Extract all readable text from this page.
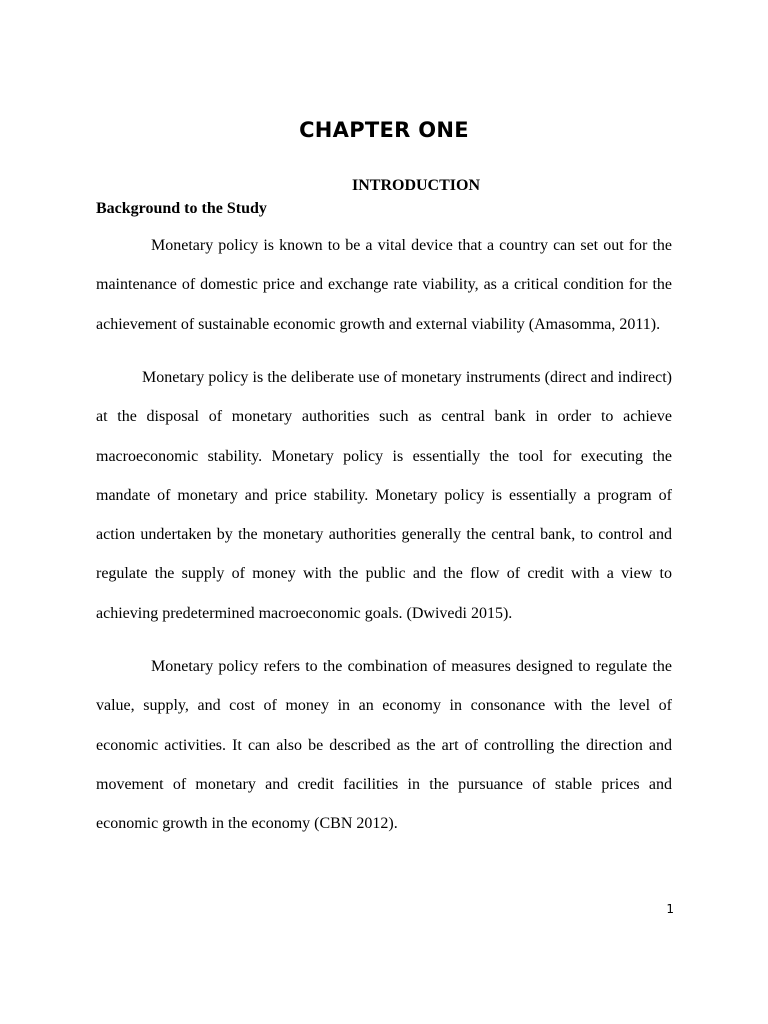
CHAPTER ONE
INTRODUCTION
Background to the Study

Monetary policy is known to be a vital device that a country can set out for the maintenance of domestic price and exchange rate viability, as a critical condition for the achievement of sustainable economic growth and external viability (Amasomma, 2011).

Monetary policy is the deliberate use of monetary instruments (direct and indirect) at the disposal of monetary authorities such as central bank in order to achieve macroeconomic stability. Monetary policy is essentially the tool for executing the mandate of monetary and price stability. Monetary policy is essentially a program of action undertaken by the monetary authorities generally the central bank, to control and regulate the supply of money with the public and the flow of credit with a view to achieving predetermined macroeconomic goals. (Dwivedi 2015).

Monetary policy refers to the combination of measures designed to regulate the value, supply, and cost of money in an economy in consonance with the level of economic activities. It can also be described as the art of controlling the direction and movement of monetary and credit facilities in the pursuance of stable prices and economic growth in the economy (CBN 2012).

1
